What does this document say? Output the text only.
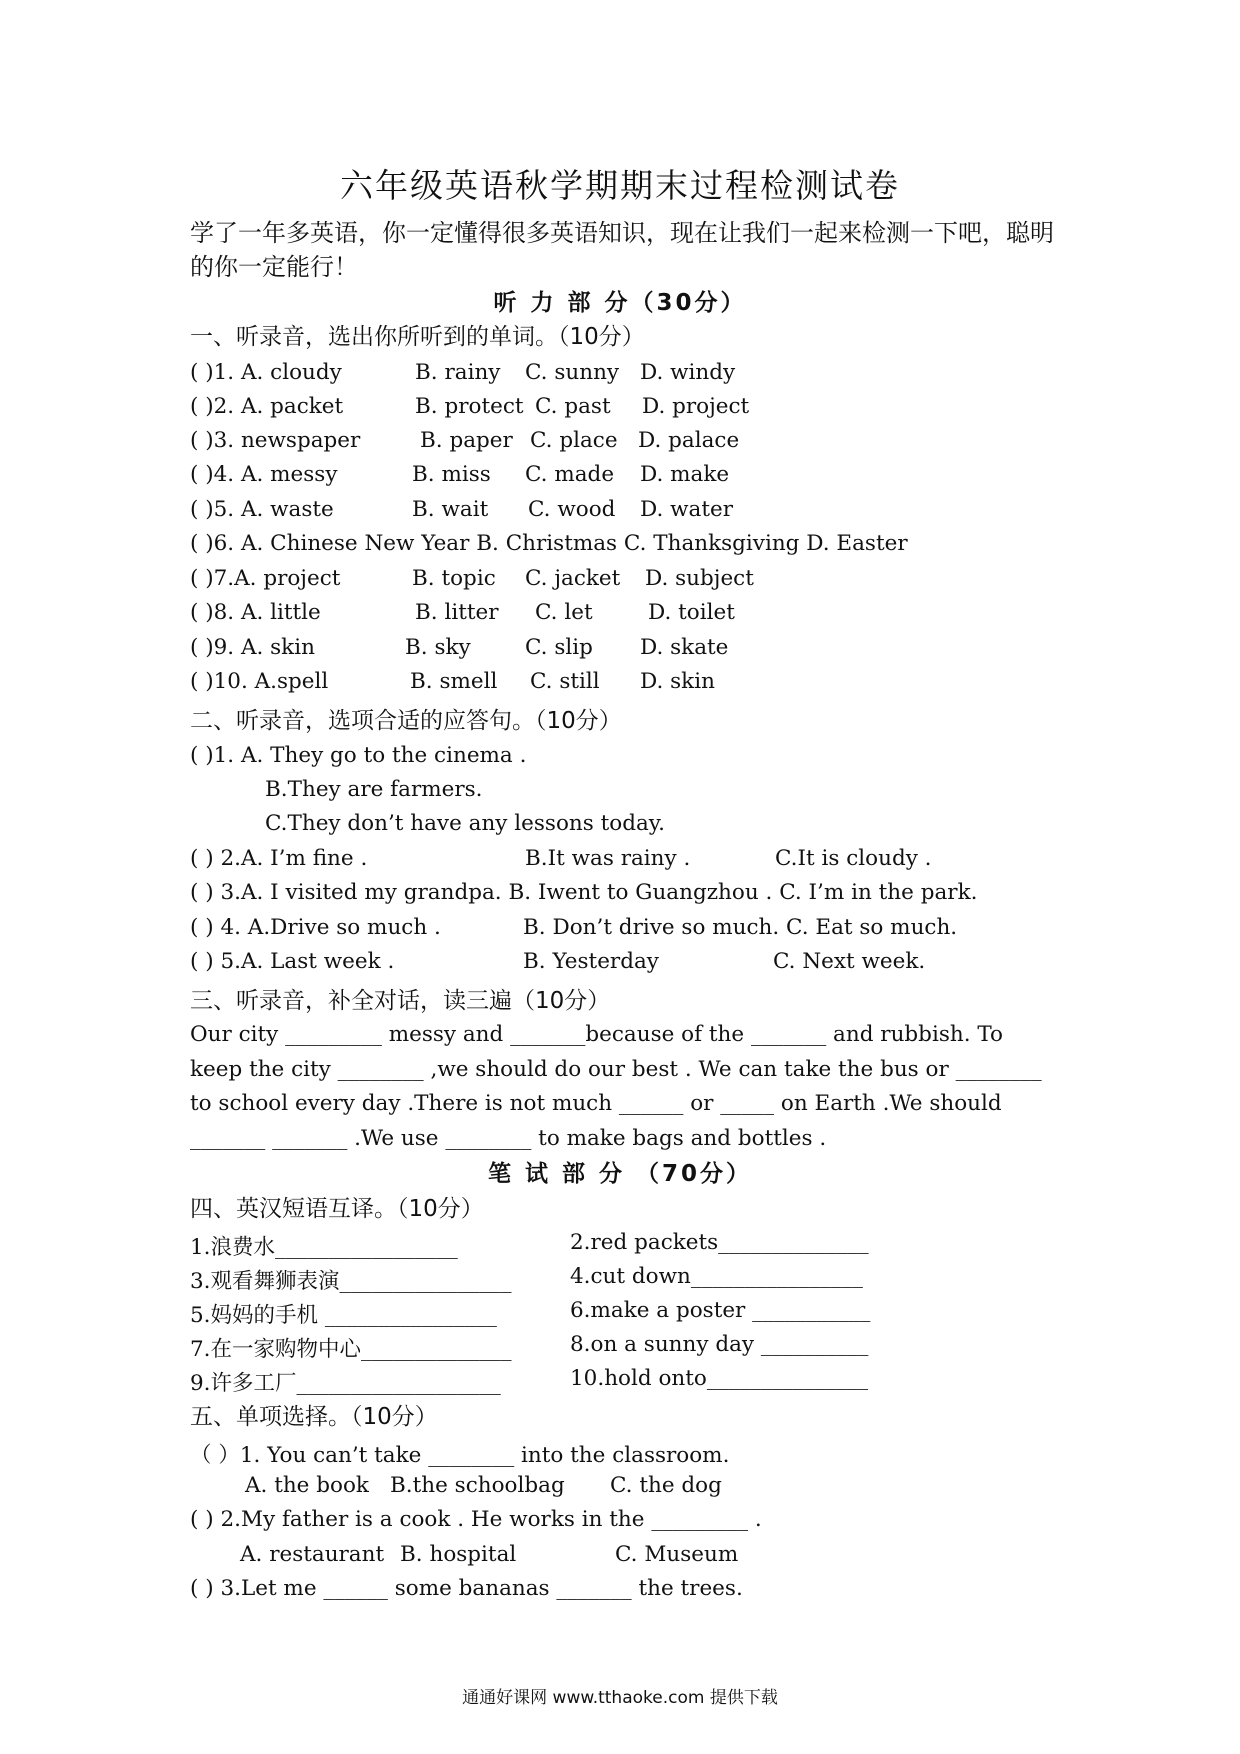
六年级英语秋学期期末过程检测试卷
学了一年多英语，你一定懂得很多英语知识，现在让我们一起来检测一下吧，聪明的你一定能行！
听 力 部 分（30分）
一、听录音，选出你所听到的单词。（10分）
( )1. A. cloudy	B. rainy C. sunny D. windy
( )2. A. packet	B. protect C. past D. project
( )3. newspaper	B. paper C. place D. palace
( )4. A. messy	B. miss C. made D. make
( )5. A. waste	B. wait C. wood D. water
( )6. A. Chinese New Year B. Christmas C. Thanksgiving D. Easter
( )7.A. project	B. topic C. jacket D. subject
( )8. A. little	B. litter C. let	D. toilet
( )9. A. skin	B. sky	C. slip D. skate
( )10. A.spell	B. smell C. still D. skin
二、听录音，选项合适的应答句。（10分）
( )1. A. They go to the cinema .
B.They are farmers.
C.They don’t have any lessons today.
( ) 2.A. I’m fine .	B.It was rainy .	C.It is cloudy .
( ) 3.A. I visited my grandpa. B. Iwent to Guangzhou . C. I’m in the park.
( ) 4. A.Drive so much .	B. Don’t drive so much. C. Eat so much.
( ) 5.A. Last week .	B. Yesterday	C. Next week.
三、听录音，补全对话，读三遍（10分）
Our city _________ messy and _______because of the _______ and rubbish. To keep the city ________ ,we should do our best . We can take the bus or ________ to school every day .There is not much ______ or _____ on Earth .We should _______ _______ .We use ________ to make bags and bottles .
笔 试 部 分 （70分）
四、英汉短语互译。（10分）
1.浪费水_________________	2.red packets______________
3.观看舞狮表演________________	4.cut down________________
5.妈妈的手机 ________________	6.make a poster ___________
7.在一家购物中心______________	8.on a sunny day __________
9.许多工厂___________________	10.hold onto_______________
五、单项选择。（10分）
（ ）1. You can’t take ________ into the classroom.
A. the book B.the schoolbag C. the dog
( ) 2.My father is a cook . He works in the _________ .
A. restaurant B. hospital	C. Museum
( ) 3.Let me ______ some bananas _______ the trees.
通通好课网 www.tthaoke.com 提供下载
